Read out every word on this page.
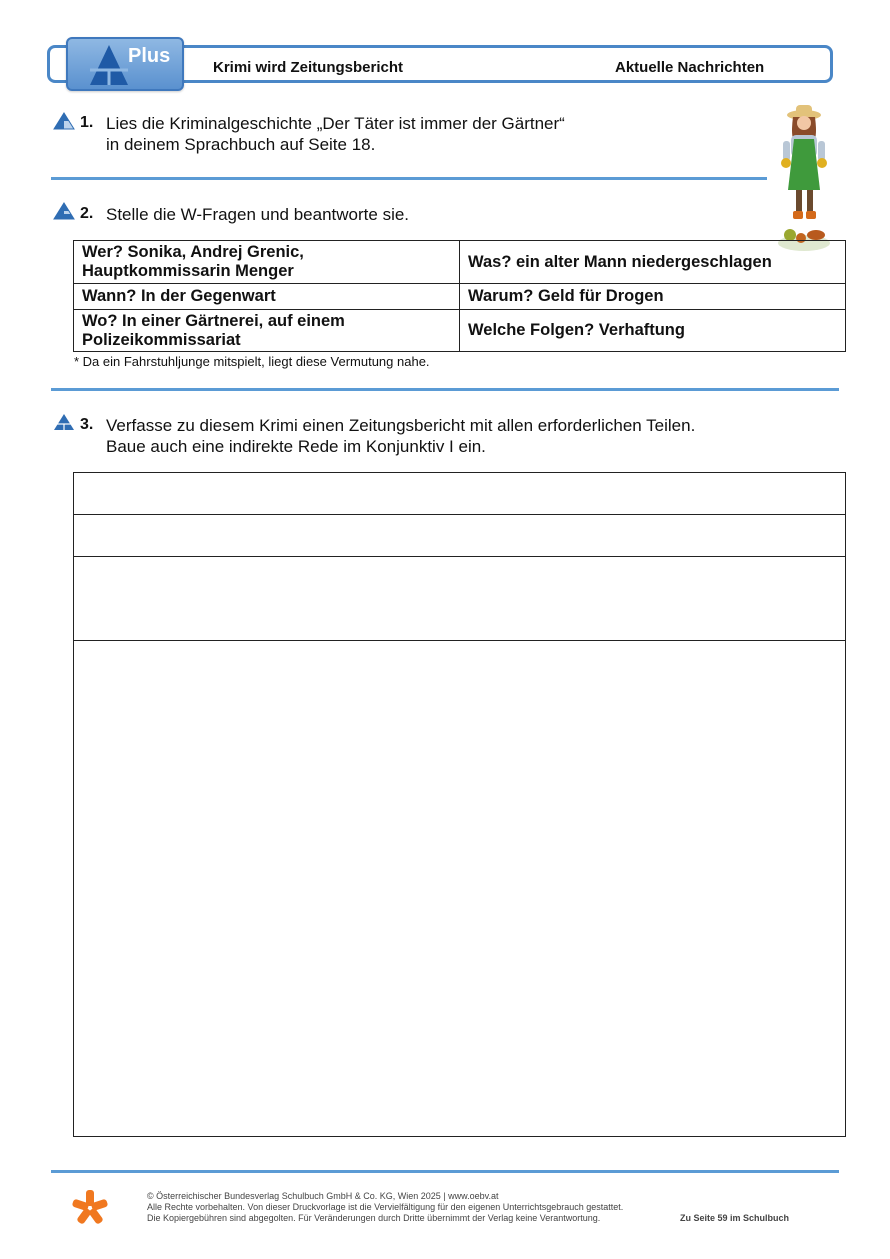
Plus
Krimi wird Zeitungsbericht	Aktuelle Nachrichten
1. Lies die Kriminalgeschichte „Der Täter ist immer der Gärtner“
in deinem Sprachbuch auf Seite 18.
2. Stelle die W-Fragen und beantworte sie.
Wer? Sonika, Andrej Grenic, Hauptkommissarin Menger	Was? ein alter Mann niedergeschlagen
Wann? In der Gegenwart	Warum? Geld für Drogen
Wo? In einer Gärtnerei, auf einem Polizeikommissariat	Welche Folgen? Verhaftung
* Da ein Fahrstuhljunge mitspielt, liegt diese Vermutung nahe.
3. Verfasse zu diesem Krimi einen Zeitungsbericht mit allen erforderlichen Teilen.
Baue auch eine indirekte Rede im Konjunktiv I ein.
© Österreichischer Bundesverlag Schulbuch GmbH & Co. KG, Wien 2025 | www.oebv.at
Alle Rechte vorbehalten. Von dieser Druckvorlage ist die Vervielfältigung für den eigenen Unterrichtsgebrauch gestattet.
Die Kopiergebühren sind abgegolten. Für Veränderungen durch Dritte übernimmt der Verlag keine Verantwortung.	Zu Seite 59 im Schulbuch
